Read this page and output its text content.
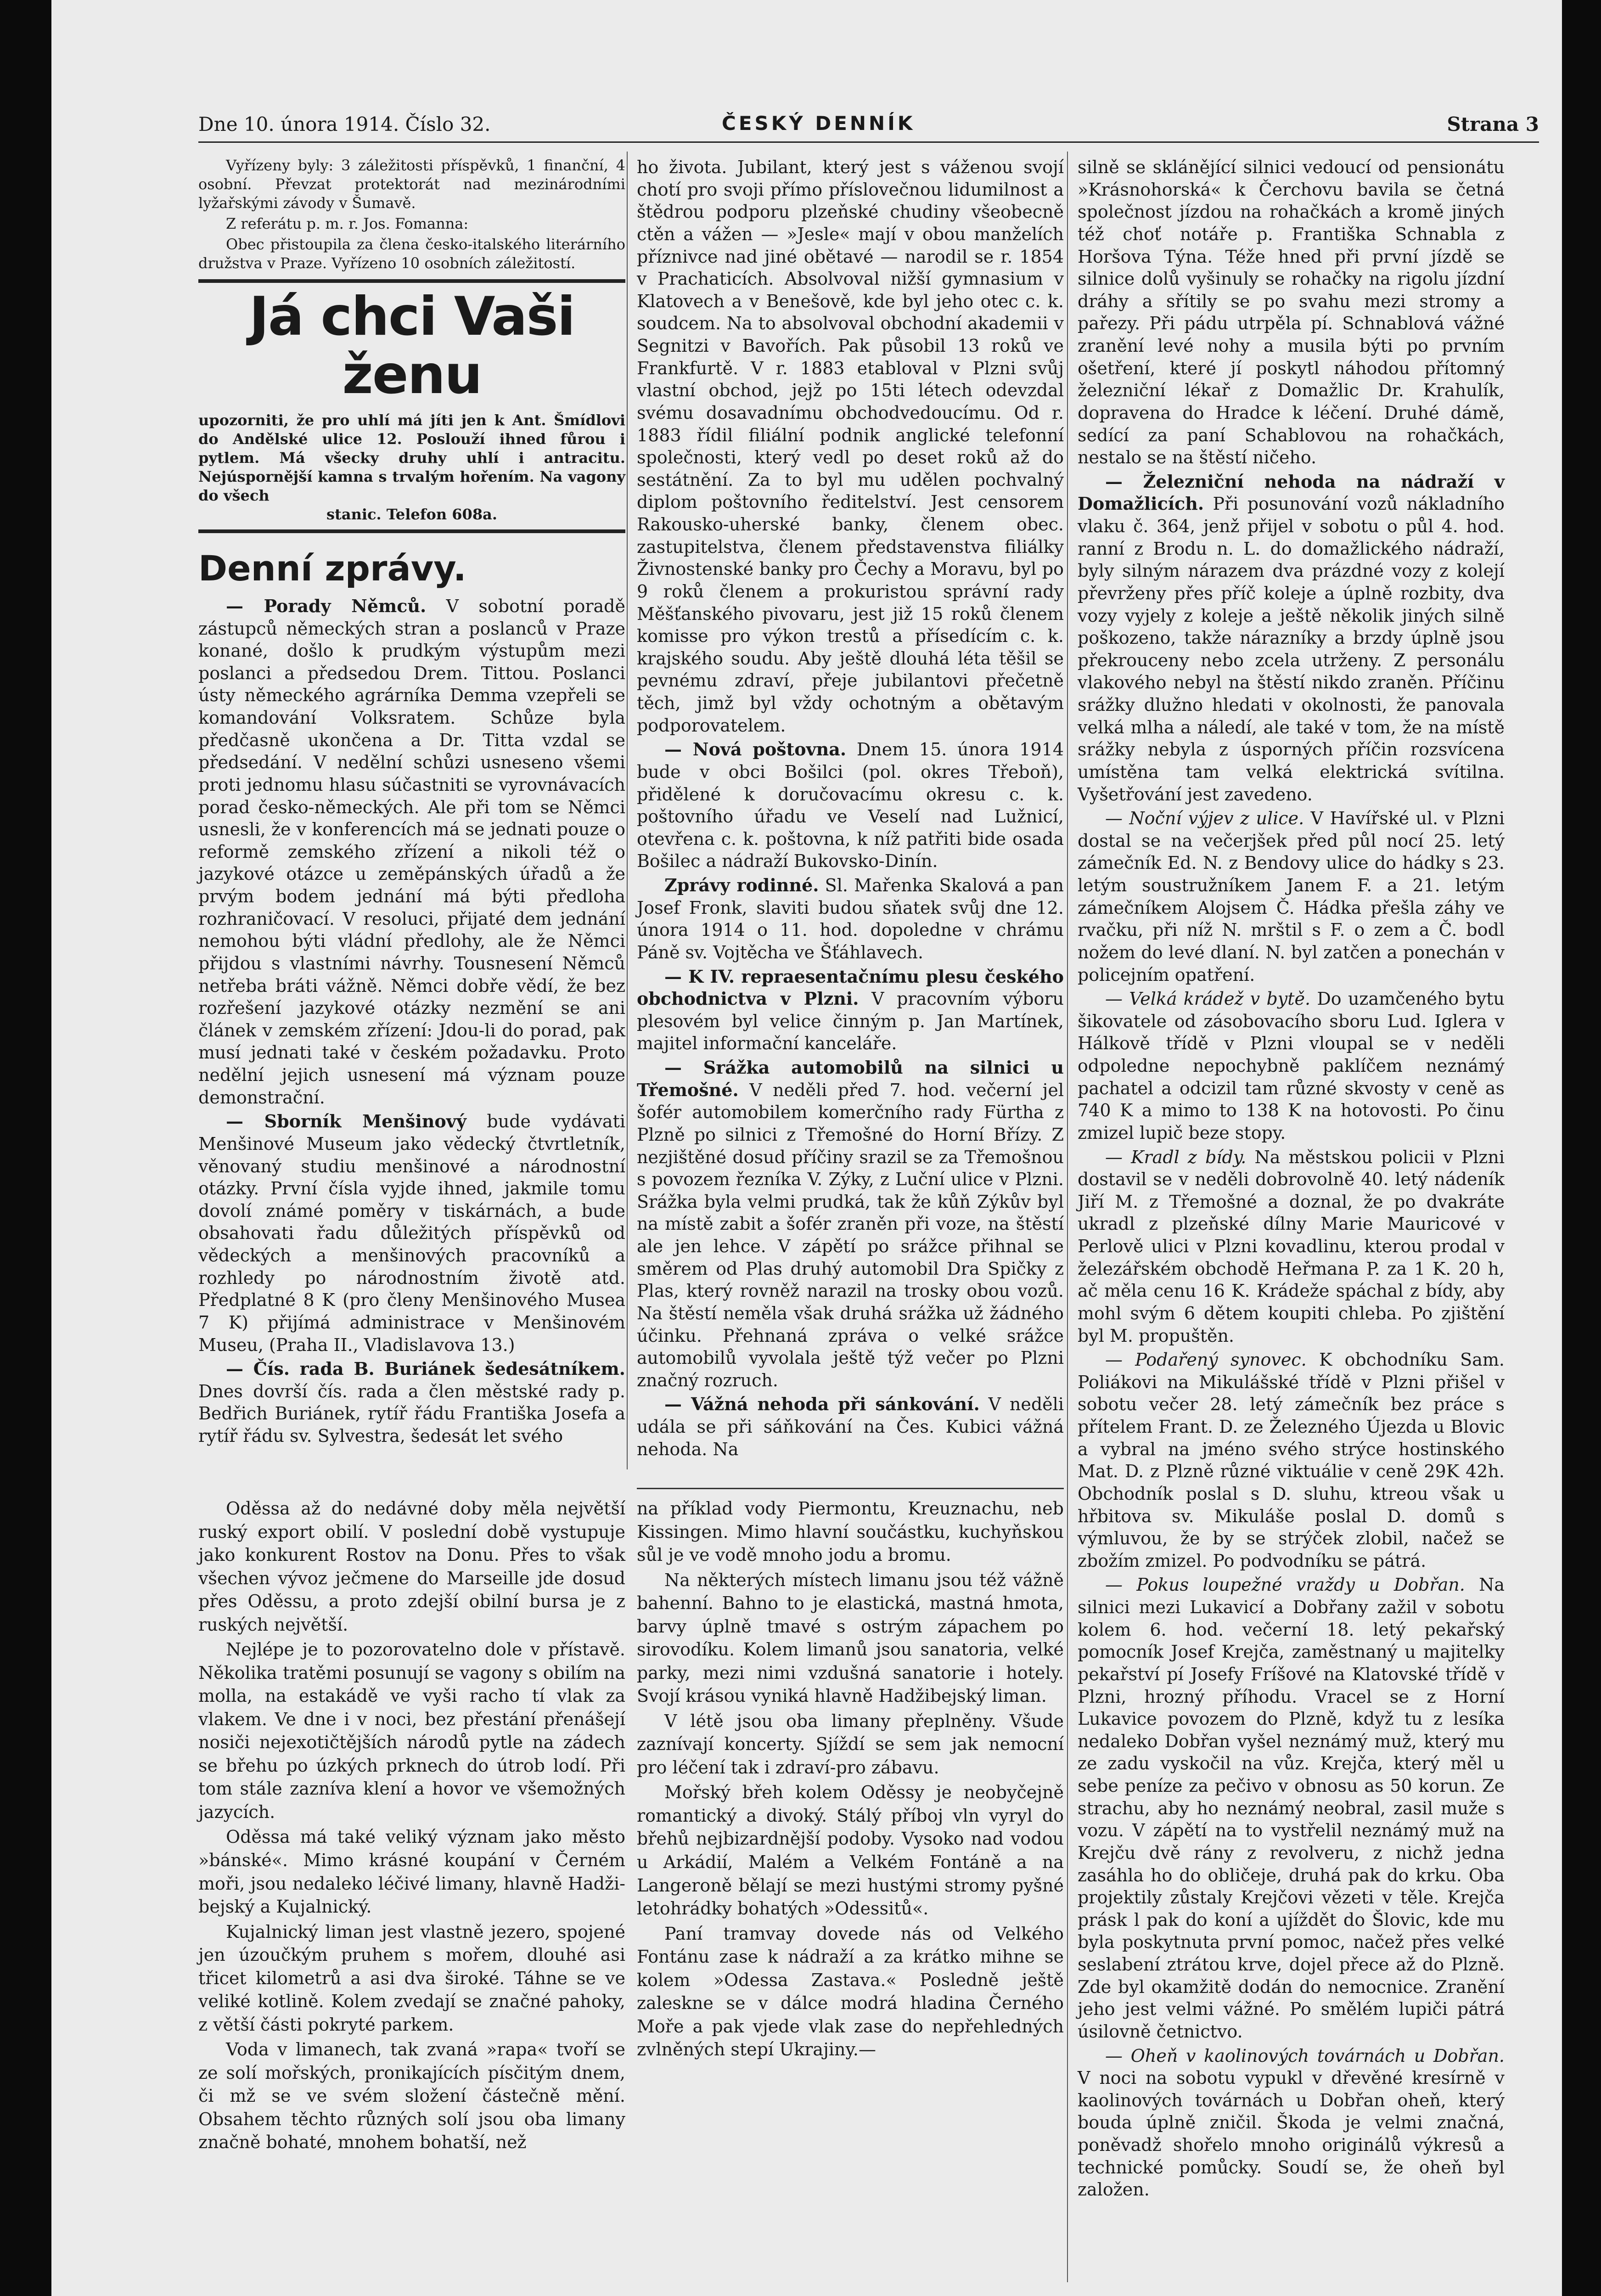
Dne 10. února 1914. Číslo 32.	ČESKÝ DENNÍK	Strana 3

Vyřízeny byly: 3 záležitosti příspěvků, 1 finanční, 4 osobní. Převzat protektorát nad mezinárodními lyžařskými závody v Šumavě.

Z referátu p. m. r. Jos. Fomanna:

Obec přistoupila za člena česko-italského literárního družstva v Praze. Vyřízeno 10 osobních záležitostí.

Já chci Vaši ženu
upozorniti, že pro uhlí má jíti jen k Ant. Šmídlovi do Andělské ulice 12. Poslouží ihned fůrou i pytlem. Má všecky druhy uhlí i antracitu. Nejúspornější kamna s trvalým hořením. Na vagony do všech
stanic. Telefon 608a.
Denní zprávy.

— Porady Němců. V sobotní poradě zástupců německých stran a poslanců v Praze konané, došlo k prudkým výstupům mezi poslanci a předsedou Drem. Tittou. Poslanci ústy německého agrárníka Demma vzepřeli se komandování Volksratem. Schůze byla předčasně ukončena a Dr. Titta vzdal se předsedání. V nedělní schůzi usneseno všemi proti jednomu hlasu súčastniti se vyrovnávacích porad česko-německých. Ale při tom se Němci usnesli, že v konferencích má se jednati pouze o reformě zemského zřízení a nikoli též o jazykové otázce u zeměpánských úřadů a že prvým bodem jednání má býti předloha rozhraničovací. V resoluci, přijaté dem jednání nemohou býti vládní předlohy, ale že Němci přijdou s vlastními návrhy. Tousnesení Němců netřeba bráti vážně. Němci dobře vědí, že bez rozřešení jazykové otázky nezmění se ani článek v zemském zřízení: Jdou-li do porad, pak musí jednati také v českém požadavku. Proto nedělní jejich usnesení má význam pouze demonstrační.

— Sborník Menšinový bude vydávati Menšinové Museum jako vědecký čtvrtletník, věnovaný studiu menšinové a národnostní otázky. První čísla vyjde ihned, jakmile tomu dovolí známé poměry v tiskárnách, a bude obsahovati řadu důležitých příspěvků od vědeckých a menšinových pracovníků a rozhledy po národnostním životě atd. Předplatné 8 K (pro členy Menšinového Musea 7 K) přijímá administrace v Menšinovém Museu, (Praha II., Vladislavova 13.)

— Čís. rada B. Buriánek šedesátníkem. Dnes dovrší čís. rada a člen městské rady p. Bedřich Buriánek, rytíř řádu Františka Josefa a rytíř řádu sv. Sylvestra, šedesát let svého

ho života. Jubilant, který jest s váženou svojí chotí pro svoji přímo příslovečnou lidumilnost a štědrou podporu plzeňské chudiny všeobecně ctěn a vážen — »Jesle« mají v obou manželích příznivce nad jiné obětavé — narodil se r. 1854 v Prachaticích. Absolvoval nižší gymnasium v Klatovech a v Benešově, kde byl jeho otec c. k. soudcem. Na to absolvoval obchodní akademii v Segnitzi v Bavořích. Pak působil 13 roků ve Frankfurtě. V r. 1883 etabloval v Plzni svůj vlastní obchod, jejž po 15ti létech odevzdal svému dosavadnímu obchodvedoucímu. Od r. 1883 řídil filiální podnik anglické telefonní společnosti, který vedl po deset roků až do sestátnění. Za to byl mu udělen pochvalný diplom poštovního ředitelství. Jest censorem Rakousko-uherské banky, členem obec. zastupitelstva, členem představenstva filiálky Živnostenské banky pro Čechy a Moravu, byl po 9 roků členem a prokuristou správní rady Měšťanského pivovaru, jest již 15 roků členem komisse pro výkon trestů a přísedícím c. k. krajského soudu. Aby ještě dlouhá léta těšil se pevnému zdraví, přeje jubilantovi přečetně těch, jimž byl vždy ochotným a obětavým podporovatelem.

— Nová poštovna. Dnem 15. února 1914 bude v obci Bošilci (pol. okres Třeboň), přidělené k doručovacímu okresu c. k. poštovního úřadu ve Veselí nad Lužnicí, otevřena c. k. poštovna, k níž patřiti bide osada Bošilec a nádraží Bukovsko-Dinín.

Zprávy rodinné. Sl. Mařenka Skalová a pan Josef Fronk, slaviti budou sňatek svůj dne 12. února 1914 o 11. hod. dopoledne v chrámu Páně sv. Vojtěcha ve Šťáhlavech.

— K IV. repraesentačnímu plesu českého obchodnictva v Plzni. V pracovním výboru plesovém byl velice činným p. Jan Martínek, majitel informační kanceláře.

— Srážka automobilů na silnici u Třemošné. V neděli před 7. hod. večerní jel šofér automobilem komerčního rady Fürtha z Plzně po silnici z Třemošné do Horní Břízy. Z nezjištěné dosud příčiny srazil se za Třemošnou s povozem řezníka V. Zýky, z Luční ulice v Plzni. Srážka byla velmi prudká, tak že kůň Zýkův byl na místě zabit a šofér zraněn při voze, na štěstí ale jen lehce. V zápětí po srážce přihnal se směrem od Plas druhý automobil Dra Spičky z Plas, který rovněž narazil na trosky obou vozů. Na štěstí neměla však druhá srážka už žádného účinku. Přehnaná zpráva o velké srážce automobilů vyvolala ještě týž večer po Plzni značný rozruch.

— Vážná nehoda při sánkování. V neděli udála se při sáňkování na Čes. Kubici vážná nehoda. Na

silně se sklánějící silnici vedoucí od pensionátu »Krásnohorská« k Čerchovu bavila se četná společnost jízdou na rohačkách a kromě jiných též choť notáře p. Františka Schnabla z Horšova Týna. Téže hned při první jízdě se silnice dolů vyšinuly se rohačky na rigolu jízdní dráhy a sřítily se po svahu mezi stromy a pařezy. Při pádu utrpěla pí. Schnablová vážné zranění levé nohy a musila býti po prvním ošetření, které jí poskytl náhodou přítomný železniční lékař z Domažlic Dr. Krahulík, dopravena do Hradce k léčení. Druhé dámě, sedící za paní Schablovou na rohačkách, nestalo se na štěstí ničeho.

— Železniční nehoda na nádraží v Domažlicích. Při posunování vozů nákladního vlaku č. 364, jenž přijel v sobotu o půl 4. hod. ranní z Brodu n. L. do domažlického nádraží, byly silným nárazem dva prázdné vozy z kolejí převrženy přes příč koleje a úplně rozbity, dva vozy vyjely z koleje a ještě několik jiných silně poškozeno, takže nárazníky a brzdy úplně jsou překrouceny nebo zcela utrženy. Z personálu vlakového nebyl na štěstí nikdo zraněn. Příčinu srážky dlužno hledati v okolnosti, že panovala velká mlha a náledí, ale také v tom, že na místě srážky nebyla z úsporných příčin rozsvícena umístěna tam velká elektrická svítilna. Vyšetřování jest zavedeno.

— Noční výjev z ulice. V Havířské ul. v Plzni dostal se na večerjšek před půl nocí 25. letý zámečník Ed. N. z Bendovy ulice do hádky s 23. letým soustružníkem Janem F. a 21. letým zámečníkem Alojsem Č. Hádka přešla záhy ve rvačku, při níž N. mrštil s F. o zem a Č. bodl nožem do levé dlaní. N. byl zatčen a ponechán v policejním opatření.

— Velká krádež v bytě. Do uzamčeného bytu šikovatele od zásobovacího sboru Lud. Iglera v Hálkově třídě v Plzni vloupal se v neděli odpoledne nepochybně paklíčem neznámý pachatel a odcizil tam různé skvosty v ceně as 740 K a mimo to 138 K na hotovosti. Po činu zmizel lupič beze stopy.

— Kradl z bídy. Na městskou policii v Plzni dostavil se v neděli dobrovolně 40. letý nádeník Jiří M. z Třemošné a doznal, že po dvakráte ukradl z plzeňské dílny Marie Mauricové v Perlově ulici v Plzni kovadlinu, kterou prodal v železářském obchodě Heřmana P. za 1 K. 20 h, ač měla cenu 16 K. Krádeže spáchal z bídy, aby mohl svým 6 dětem koupiti chleba. Po zjištění byl M. propuštěn.

— Podařený synovec. K obchodníku Sam. Poliákovi na Mikulášské třídě v Plzni přišel v sobotu večer 28. letý zámečník bez práce s přítelem Frant. D. ze Železného Újezda u Blovic a vybral na jméno svého strýce hostinského Mat. D. z Plzně různé viktuálie v ceně 29K 42h. Obchodník poslal s D. sluhu, ktreou však u hřbitova sv. Mikuláše poslal D. domů s výmluvou, že by se strýček zlobil, načež se zbožím zmizel. Po podvodníku se pátrá.

— Pokus loupežné vraždy u Dobřan. Na silnici mezi Lukavicí a Dobřany zažil v sobotu kolem 6. hod. večerní 18. letý pekařský pomocník Josef Krejča, zaměstnaný u majitelky pekařství pí Josefy Fríšové na Klatovské třídě v Plzni, hrozný příhodu. Vracel se z Horní Lukavice povozem do Plzně, když tu z lesíka nedaleko Dobřan vyšel neznámý muž, který mu ze zadu vyskočil na vůz. Krejča, který měl u sebe peníze za pečivo v obnosu as 50 korun. Ze strachu, aby ho neznámý neobral, zasil muže s vozu. V zápětí na to vystřelil neznámý muž na Krejču dvě rány z revolveru, z nichž jedna zasáhla ho do obličeje, druhá pak do krku. Oba projektily zůstaly Krejčovi vězeti v těle. Krejča prásk l pak do koní a ujíždět do Šlovic, kde mu byla poskytnuta první pomoc, načež přes velké seslabení ztrátou krve, dojel přece až do Plzně. Zde byl okamžitě dodán do nemocnice. Zranění jeho jest velmi vážné. Po smělém lupiči pátrá úsilovně četnictvo.

— Oheň v kaolinových továrnách u Dobřan. V noci na sobotu vypukl v dřevěné kresírně v kaolinových továrnách u Dobřan oheň, který bouda úplně zničil. Škoda je velmi značná, poněvadž shořelo mnoho originálů výkresů a technické pomůcky. Soudí se, že oheň byl založen.

Oděssa až do nedávné doby měla největší ruský export obilí. V poslední době vystupuje jako konkurent Rostov na Donu. Přes to však všechen vývoz ječmene do Marseille jde dosud přes Oděssu, a proto zdejší obilní bursa je z ruských největší.

Nejlépe je to pozorovatelno dole v přístavě. Několika tratěmi posunují se vagony s obilím na molla, na estakádě ve vyši racho tí vlak za vlakem. Ve dne i v noci, bez přestání přenášejí nosiči nejexotičtějších národů pytle na zádech se břehu po úzkých prknech do útrob lodí. Při tom stále zazníva klení a hovor ve všemožných jazycích.

Oděssa má také veliký význam jako město »bánské«. Mimo krásné koupání v Černém moři, jsou nedaleko léčivé limany, hlavně Hadži-bejský a Kujalnický.

Kujalnický liman jest vlastně jezero, spojené jen úzoučkým pruhem s mořem, dlouhé asi třicet kilometrů a asi dva široké. Táhne se ve veliké kotlině. Kolem zvedají se značné pahoky, z větší části pokryté parkem.

Voda v limanech, tak zvaná »rapa« tvoří se ze solí mořských, pronikajících písčitým dnem, či mž se ve svém složení částečně mění. Obsahem těchto různých solí jsou oba limany značně bohaté, mnohem bohatší, než

na příklad vody Piermontu, Kreuznachu, neb Kissingen. Mimo hlavní součástku, kuchyňskou sůl je ve vodě mnoho jodu a bromu.

Na některých místech limanu jsou též vážně bahenní. Bahno to je elastická, mastná hmota, barvy úplně tmavé s ostrým zápachem po sirovodíku. Kolem limanů jsou sanatoria, velké parky, mezi nimi vzdušná sanatorie i hotely. Svojí krásou vyniká hlavně Hadžibejský liman.

V létě jsou oba limany přeplněny. Všude zaznívají koncerty. Sjíždí se sem jak nemocní pro léčení tak i zdraví-pro zábavu.

Mořský břeh kolem Oděssy je neobyčejně romantický a divoký. Stálý příboj vln vyryl do břehů nejbizardnější podoby. Vysoko nad vodou u Arkádií, Malém a Velkém Fontáně a na Langeroně bělají se mezi hustými stromy pyšné letohrádky bohatých »Odessitů«.

Paní tramvay dovede nás od Velkého Fontánu zase k nádraží a za krátko mihne se kolem »Odessa Zastava.« Posledně ještě zaleskne se v dálce modrá hladina Černého Moře a pak vjede vlak zase do nepřehledných zvlněných stepí Ukrajiny.—
